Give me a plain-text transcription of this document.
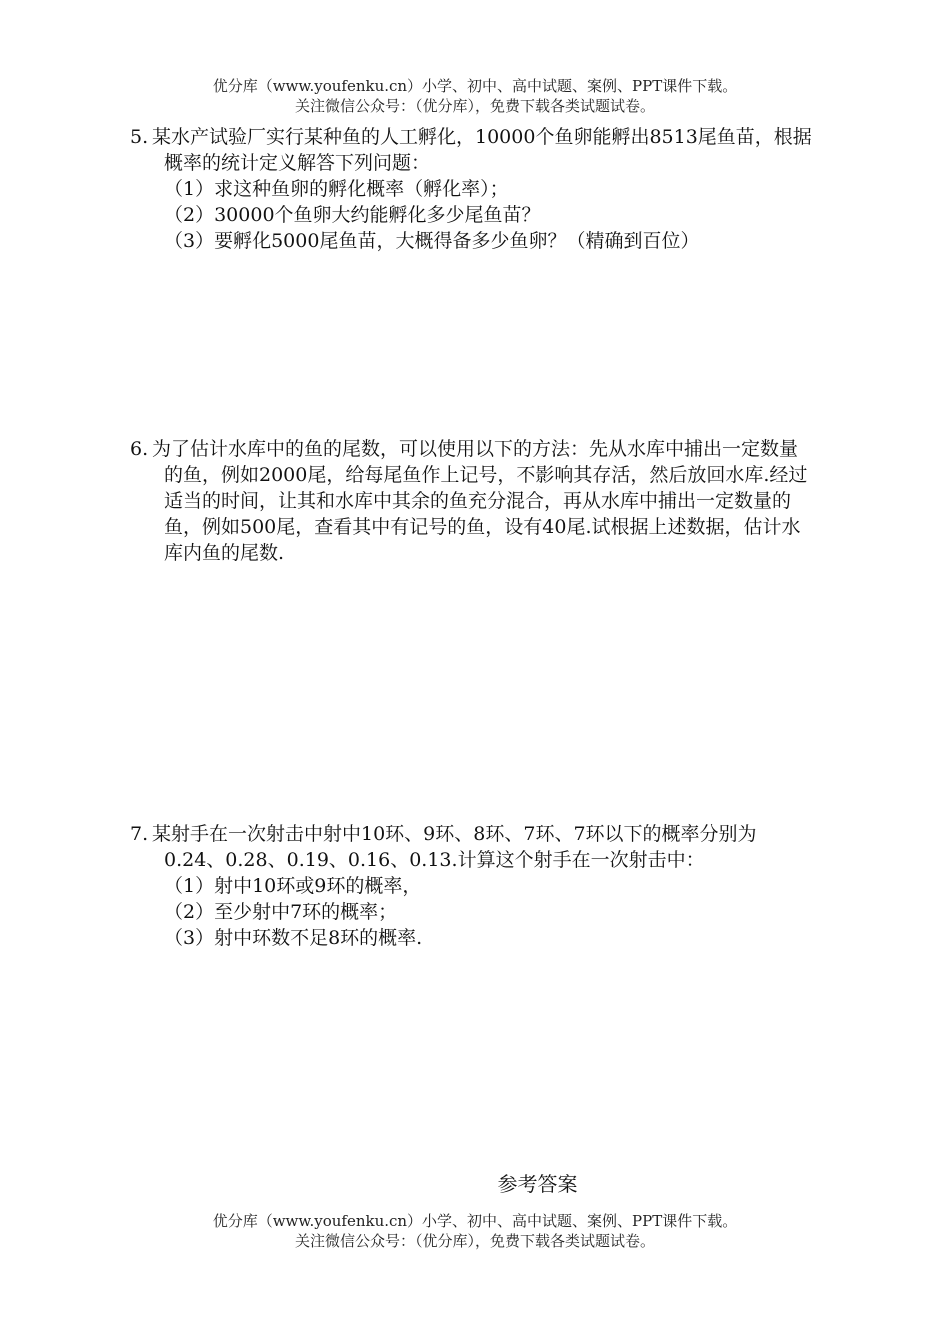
优分库（www.youfenku.cn）小学、初中、高中试题、案例、PPT课件下载。
关注微信公众号：（优分库），免费下载各类试题试卷。
5. 某水产试验厂实行某种鱼的人工孵化，10000个鱼卵能孵出8513尾鱼苗，根据
概率的统计定义解答下列问题：
（1）求这种鱼卵的孵化概率（孵化率）；
（2）30000个鱼卵大约能孵化多少尾鱼苗？
（3）要孵化5000尾鱼苗，大概得备多少鱼卵？（精确到百位）
6. 为了估计水库中的鱼的尾数，可以使用以下的方法：先从水库中捕出一定数量
的鱼，例如2000尾，给每尾鱼作上记号，不影响其存活，然后放回水库.经过
适当的时间，让其和水库中其余的鱼充分混合，再从水库中捕出一定数量的
鱼，例如500尾，查看其中有记号的鱼，设有40尾.试根据上述数据，估计水
库内鱼的尾数.
7. 某射手在一次射击中射中10环、9环、8环、7环、7环以下的概率分别为
0.24、0.28、0.19、0.16、0.13.计算这个射手在一次射击中：
（1）射中10环或9环的概率，
（2）至少射中7环的概率；
（3）射中环数不足8环的概率.
参考答案
优分库（www.youfenku.cn）小学、初中、高中试题、案例、PPT课件下载。
关注微信公众号：（优分库），免费下载各类试题试卷。
